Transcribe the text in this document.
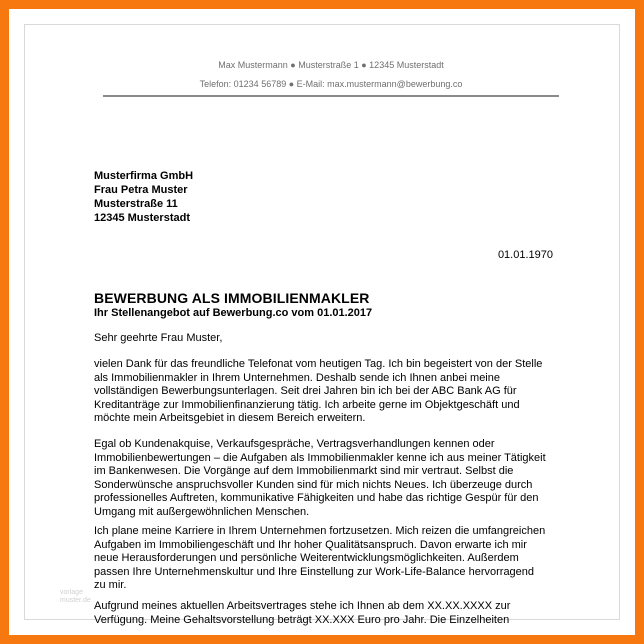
Max Mustermann ● Musterstraße 1 ● 12345 Musterstadt
Telefon: 01234 56789 ● E-Mail: max.mustermann@bewerbung.co
Musterfirma GmbH
Frau Petra Muster
Musterstraße 11
12345 Musterstadt
01.01.1970
BEWERBUNG ALS IMMOBILIENMAKLER
Ihr Stellenangebot auf Bewerbung.co vom 01.01.2017
Sehr geehrte Frau Muster,
vielen Dank für das freundliche Telefonat vom heutigen Tag. Ich bin begeistert von der Stelle
als Immobilienmakler in Ihrem Unternehmen. Deshalb sende ich Ihnen anbei meine
vollständigen Bewerbungsunterlagen. Seit drei Jahren bin ich bei der ABC Bank AG für
Kreditanträge zur Immobilienfinanzierung tätig. Ich arbeite gerne im Objektgeschäft und
möchte mein Arbeitsgebiet in diesem Bereich erweitern.
Egal ob Kundenakquise, Verkaufsgespräche, Vertragsverhandlungen kennen oder
Immobilienbewertungen – die Aufgaben als Immobilienmakler kenne ich aus meiner Tätigkeit
im Bankenwesen. Die Vorgänge auf dem Immobilienmarkt sind mir vertraut. Selbst die
Sonderwünsche anspruchsvoller Kunden sind für mich nichts Neues. Ich überzeuge durch
professionelles Auftreten, kommunikative Fähigkeiten und habe das richtige Gespür für den
Umgang mit außergewöhnlichen Menschen.
Ich plane meine Karriere in Ihrem Unternehmen fortzusetzen. Mich reizen die umfangreichen
Aufgaben im Immobiliengeschäft und Ihr hoher Qualitätsanspruch. Davon erwarte ich mir
neue Herausforderungen und persönliche Weiterentwicklungsmöglichkeiten. Außerdem
passen Ihre Unternehmenskultur und Ihre Einstellung zur Work-Life-Balance hervorragend
zu mir.
Aufgrund meines aktuellen Arbeitsvertrages stehe ich Ihnen ab dem XX.XX.XXXX zur
Verfügung. Meine Gehaltsvorstellung beträgt XX.XXX Euro pro Jahr. Die Einzelheiten
vorlage
muster.de
